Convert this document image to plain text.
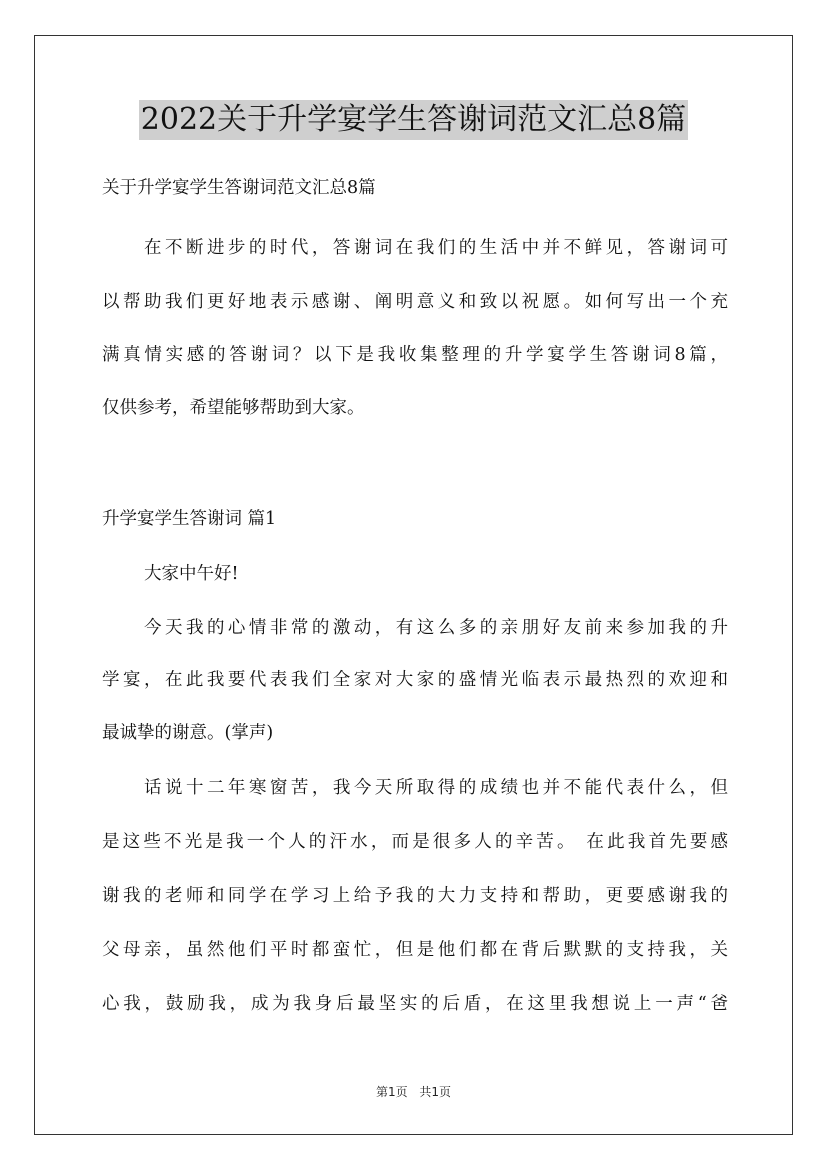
2022关于升学宴学生答谢词范文汇总8篇
关于升学宴学生答谢词范文汇总8篇
在不断进步的时代，答谢词在我们的生活中并不鲜见，答谢词可
以帮助我们更好地表示感谢、阐明意义和致以祝愿。如何写出一个充
满真情实感的答谢词？以下是我收集整理的升学宴学生答谢词8篇，
仅供参考，希望能够帮助到大家。
升学宴学生答谢词 篇1
大家中午好!
今天我的心情非常的激动，有这么多的亲朋好友前来参加我的升
学宴，在此我要代表我们全家对大家的盛情光临表示最热烈的欢迎和
最诚挚的谢意。(掌声)
话说十二年寒窗苦，我今天所取得的成绩也并不能代表什么，但
是这些不光是我一个人的汗水，而是很多人的辛苦。 在此我首先要感
谢我的老师和同学在学习上给予我的大力支持和帮助，更要感谢我的
父母亲，虽然他们平时都蛮忙，但是他们都在背后默默的支持我，关
心我，鼓励我，成为我身后最坚实的后盾，在这里我想说上一声“爸
第1页 共1页
